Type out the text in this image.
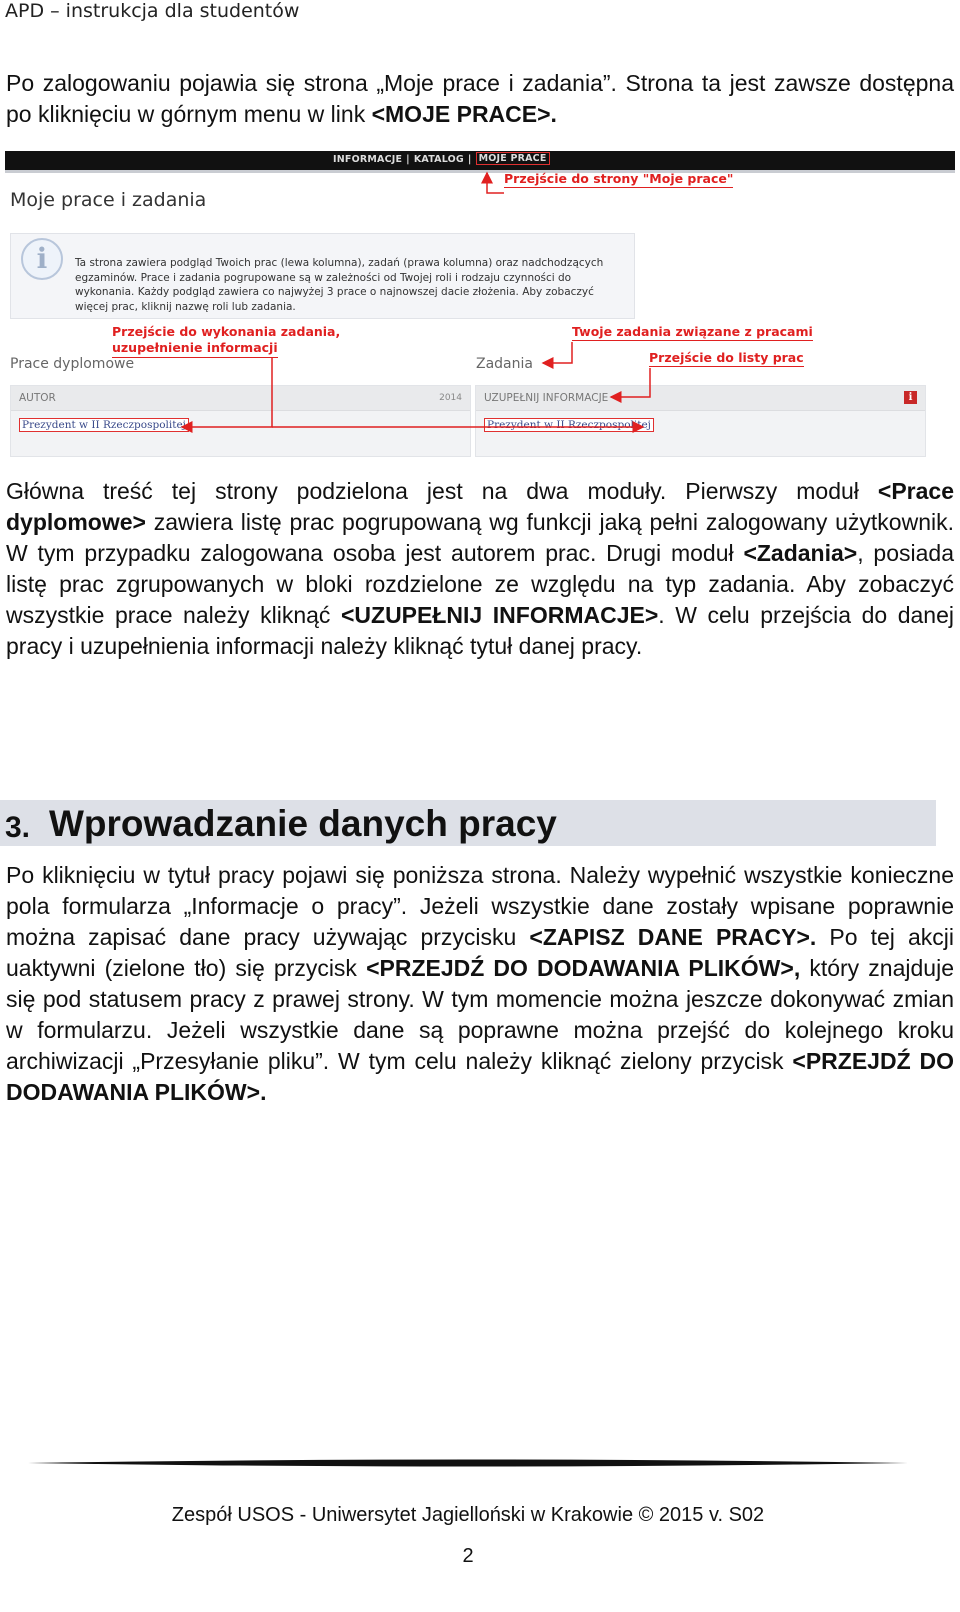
APD – instrukcja dla studentów
Po zalogowaniu pojawia się strona „Moje prace i zadania”. Strona ta jest zawsze dostępna po kliknięciu w górnym menu w link <MOJE PRACE>.
INFORMACJE | KATALOG | MOJE PRACE
Przejście do strony "Moje prace"
Moje prace i zadania
i	Ta strona zawiera podgląd Twoich prac (lewa kolumna), zadań (prawa kolumna) oraz nadchodzących egzaminów. Prace i zadania pogrupowane są w zależności od Twojej roli i rodzaju czynności do wykonania. Każdy podgląd zawiera co najwyżej 3 prace o najnowszej dacie złożenia. Aby zobaczyć więcej prac, kliknij nazwę roli lub zadania.
Przejście do wykonania zadania,
uzupełnienie informacji
Twoje zadania związane z pracami
Przejście do listy prac
Prace dyplomowe	Zadania
AUTOR	2014
Prezydent w II Rzeczpospolitej
UZUPEŁNIJ INFORMACJE	i
Prezydent w II Rzeczpospolitej
Główna treść tej strony podzielona jest na dwa moduły. Pierwszy moduł <Prace dyplomowe> zawiera listę prac pogrupowaną wg funkcji jaką pełni zalogowany użytkownik. W tym przypadku zalogowana osoba jest autorem prac. Drugi moduł <Zadania>, posiada listę prac zgrupowanych w bloki rozdzielone ze względu na typ zadania. Aby zobaczyć wszystkie prace należy kliknąć <UZUPEŁNIJ INFORMACJE>. W celu przejścia do danej pracy i uzupełnienia informacji należy kliknąć tytuł danej pracy.
3. Wprowadzanie danych pracy
Po kliknięciu w tytuł pracy pojawi się poniższa strona. Należy wypełnić wszystkie konieczne pola formularza „Informacje o pracy”. Jeżeli wszystkie dane zostały wpisane poprawnie można zapisać dane pracy używając przycisku <ZAPISZ DANE PRACY>. Po tej akcji uaktywni (zielone tło) się przycisk <PRZEJDŹ DO DODAWANIA PLIKÓW>, który znajduje się pod statusem pracy z prawej strony. W tym momencie można jeszcze dokonywać zmian w formularzu. Jeżeli wszystkie dane są poprawne można przejść do kolejnego kroku archiwizacji „Przesyłanie pliku”. W tym celu należy kliknąć zielony przycisk <PRZEJDŹ DO DODAWANIA PLIKÓW>.
Zespół USOS - Uniwersytet Jagielloński w Krakowie © 2015 v. S02
2
